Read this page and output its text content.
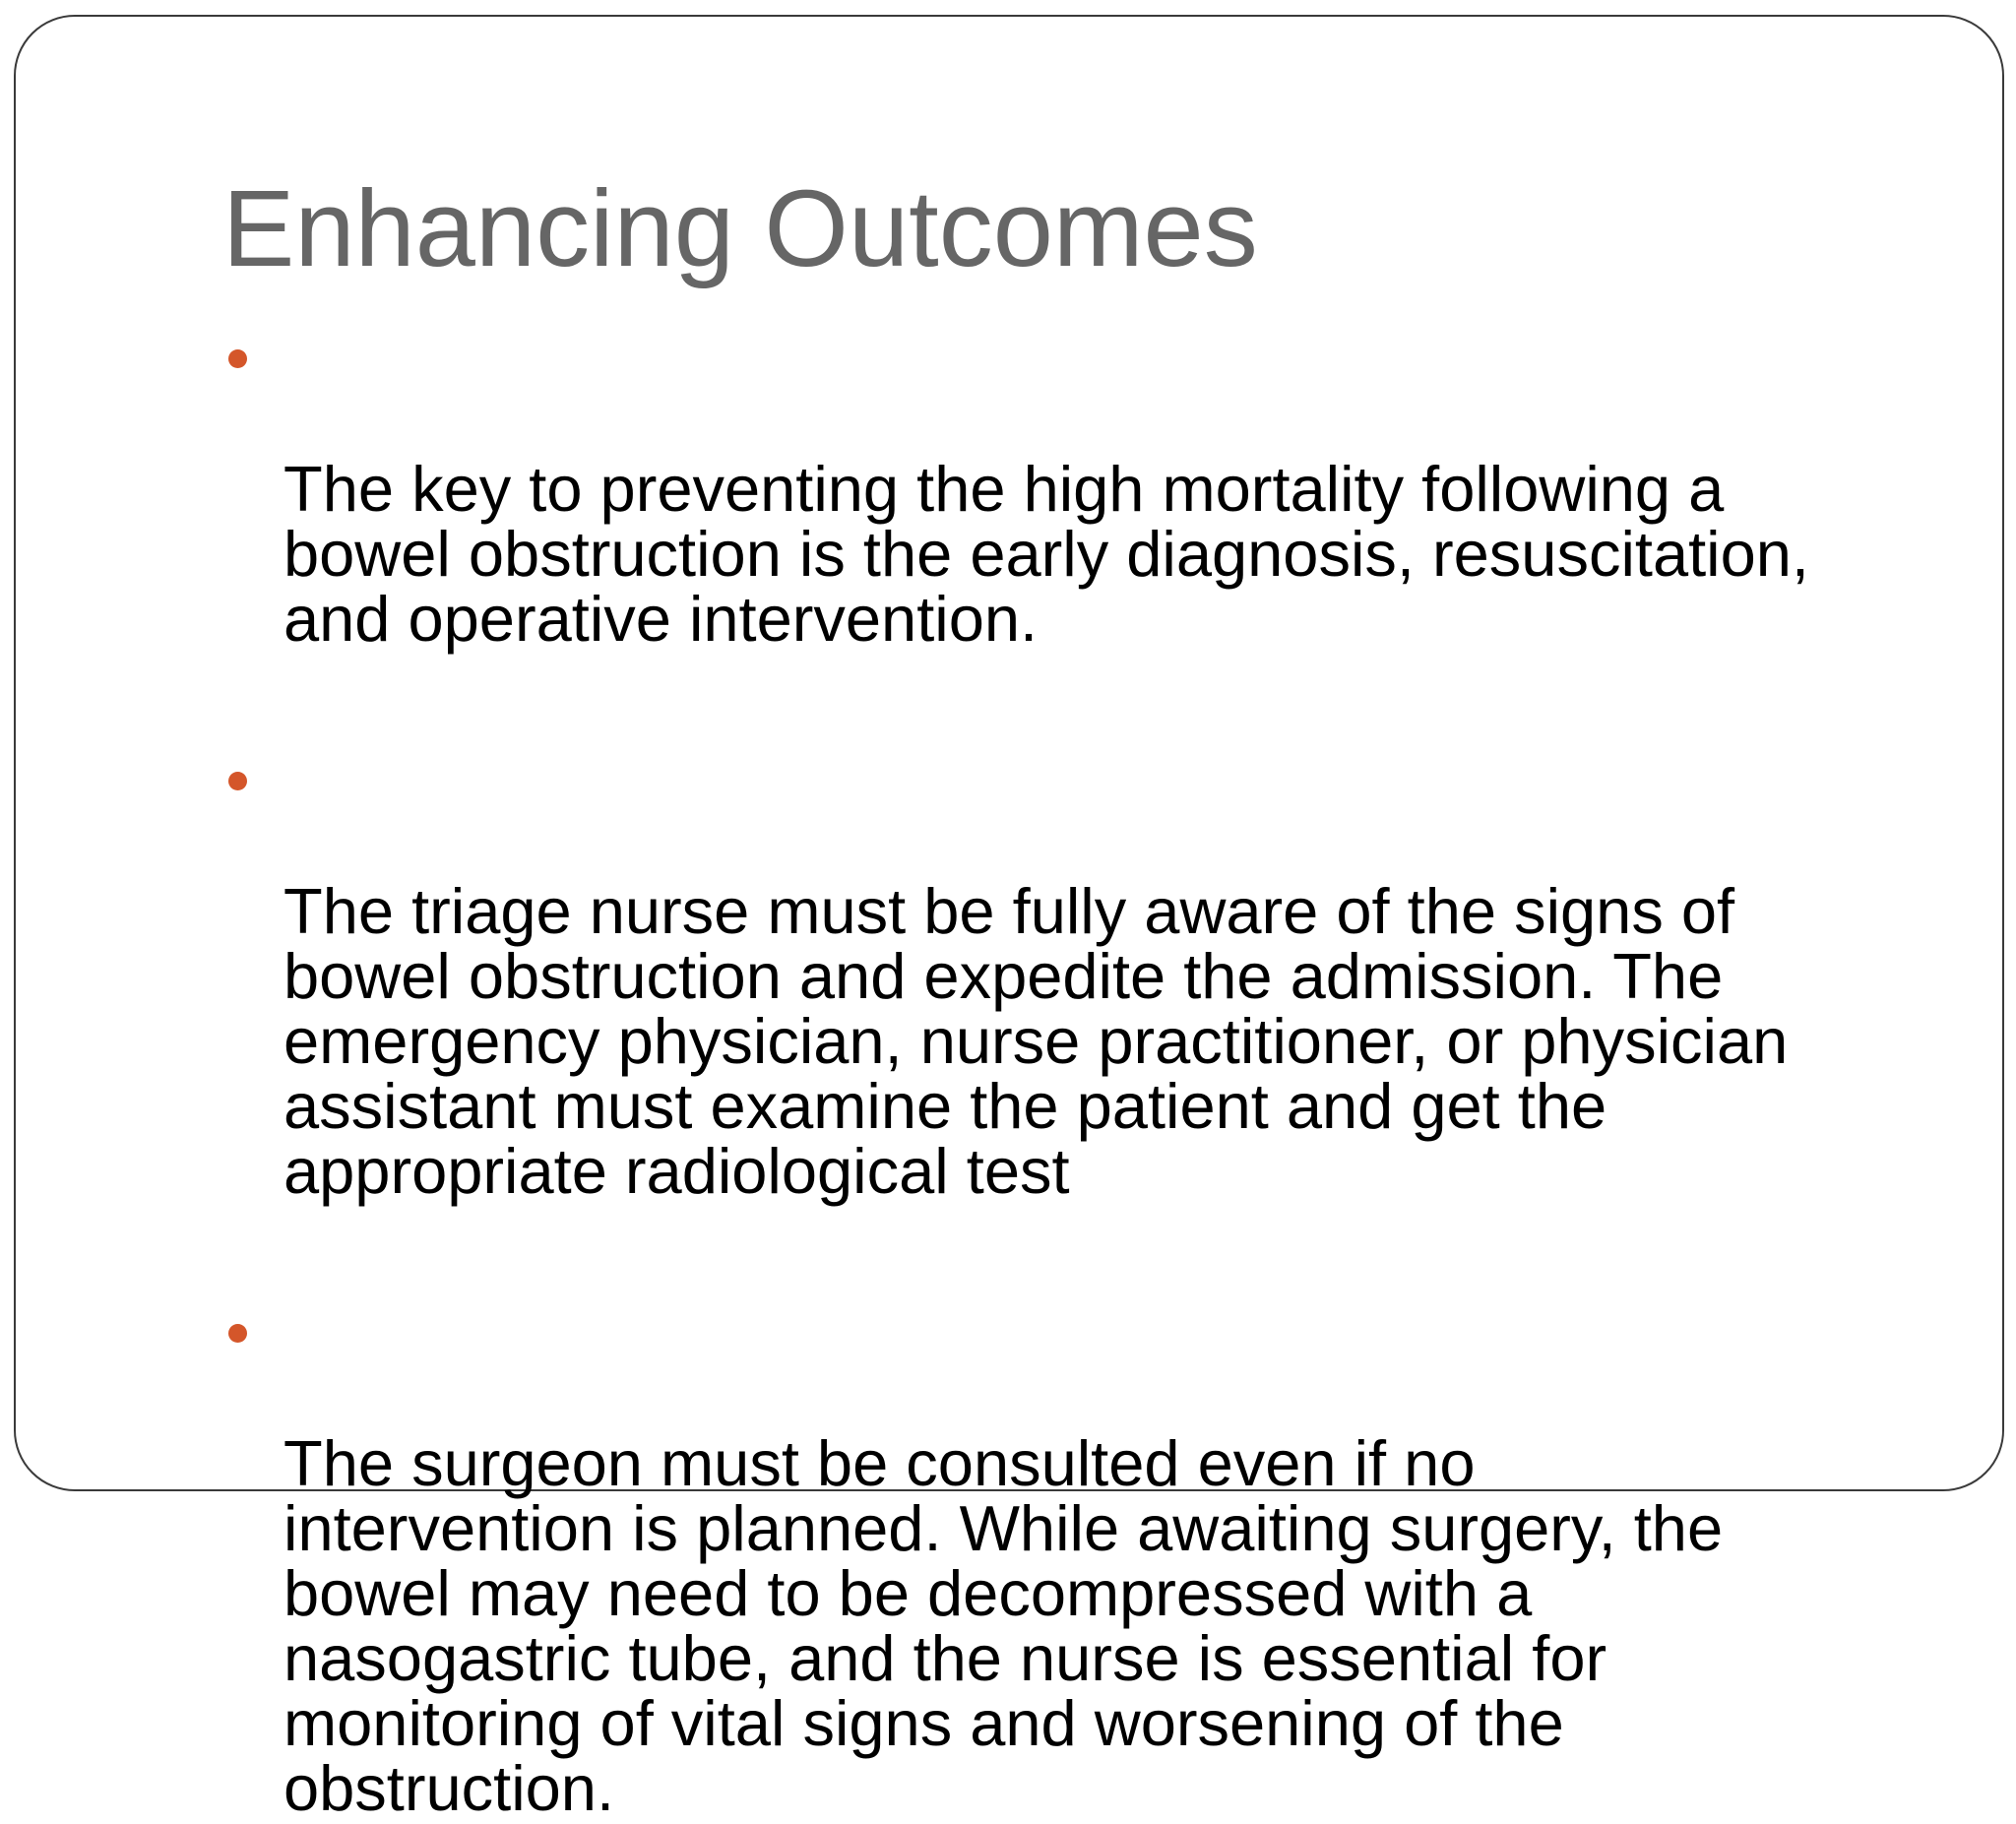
Enhancing Outcomes

The key to preventing the high mortality following a
bowel obstruction is the early diagnosis, resuscitation,
and operative intervention.

The triage nurse must be fully aware of the signs of
bowel obstruction and expedite the admission. The
emergency physician, nurse practitioner, or physician
assistant must examine the patient and get the
appropriate radiological test

The surgeon must be consulted even if no
intervention is planned. While awaiting surgery, the
bowel may need to be decompressed with a
nasogastric tube, and the nurse is essential for
monitoring of vital signs and worsening of the
obstruction.
